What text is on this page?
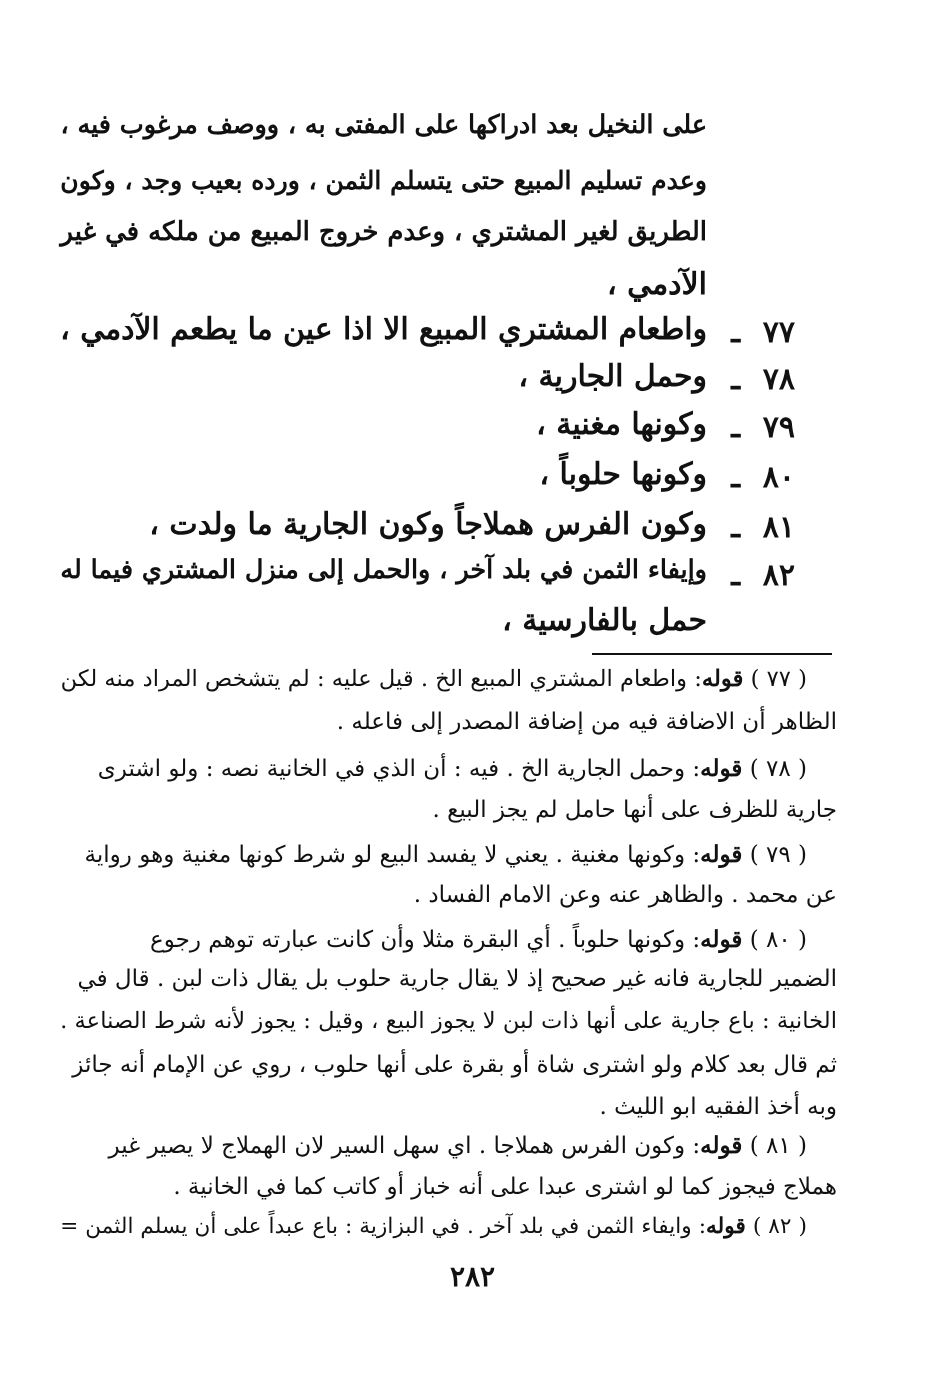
على النخيل بعد ادراكها على المفتى به ، ووصف مرغوب فيه ،
وعدم تسليم المبيع حتى يتسلم الثمن ، ورده بعيب وجد ، وكون
الطريق لغير المشتري ، وعدم خروج المبيع من ملكه في غير
الآدمي ،
٧٧
ـ
واطعام المشتري المبيع الا اذا عين ما يطعم الآدمي ،
٧٨
ـ
وحمل الجارية ،
٧٩
ـ
وكونها مغنية ،
٨٠
ـ
وكونها حلوباً ،
٨١
ـ
وكون الفرس هملاجاً وكون الجارية ما ولدت ،
٨٢
ـ
وإيفاء الثمن في بلد آخر ، والحمل إلى منزل المشتري فيما له
حمل بالفارسية ،
( ٧٧ ) قوله: واطعام المشتري المبيع الخ . قيل عليه : لم يتشخص المراد منه لكن
الظاهر أن الاضافة فيه من إضافة المصدر إلى فاعله .
( ٧٨ ) قوله: وحمل الجارية الخ . فيه : أن الذي في الخانية نصه : ولو اشترى
جارية للظرف على أنها حامل لم يجز البيع .
( ٧٩ ) قوله: وكونها مغنية . يعني لا يفسد البيع لو شرط كونها مغنية وهو رواية
عن محمد . والظاهر عنه وعن الامام الفساد .
( ٨٠ ) قوله: وكونها حلوباً . أي البقرة مثلا وأن كانت عبارته توهم رجوع
الضمير للجارية فانه غير صحيح إذ لا يقال جارية حلوب بل يقال ذات لبن . قال في
الخانية : باع جارية على أنها ذات لبن لا يجوز البيع ، وقيل : يجوز لأنه شرط الصناعة .
ثم قال بعد كلام ولو اشترى شاة أو بقرة على أنها حلوب ، روي عن الإمام أنه جائز
وبه أخذ الفقيه ابو الليث .
( ٨١ ) قوله: وكون الفرس هملاجا . اي سهل السير لان الهملاج لا يصير غير
هملاج فيجوز كما لو اشترى عبدا على أنه خباز أو كاتب كما في الخانية .
( ٨٢ ) قوله: وايفاء الثمن في بلد آخر . في البزازية : باع عبداً على أن يسلم الثمن =
٢٨٢
